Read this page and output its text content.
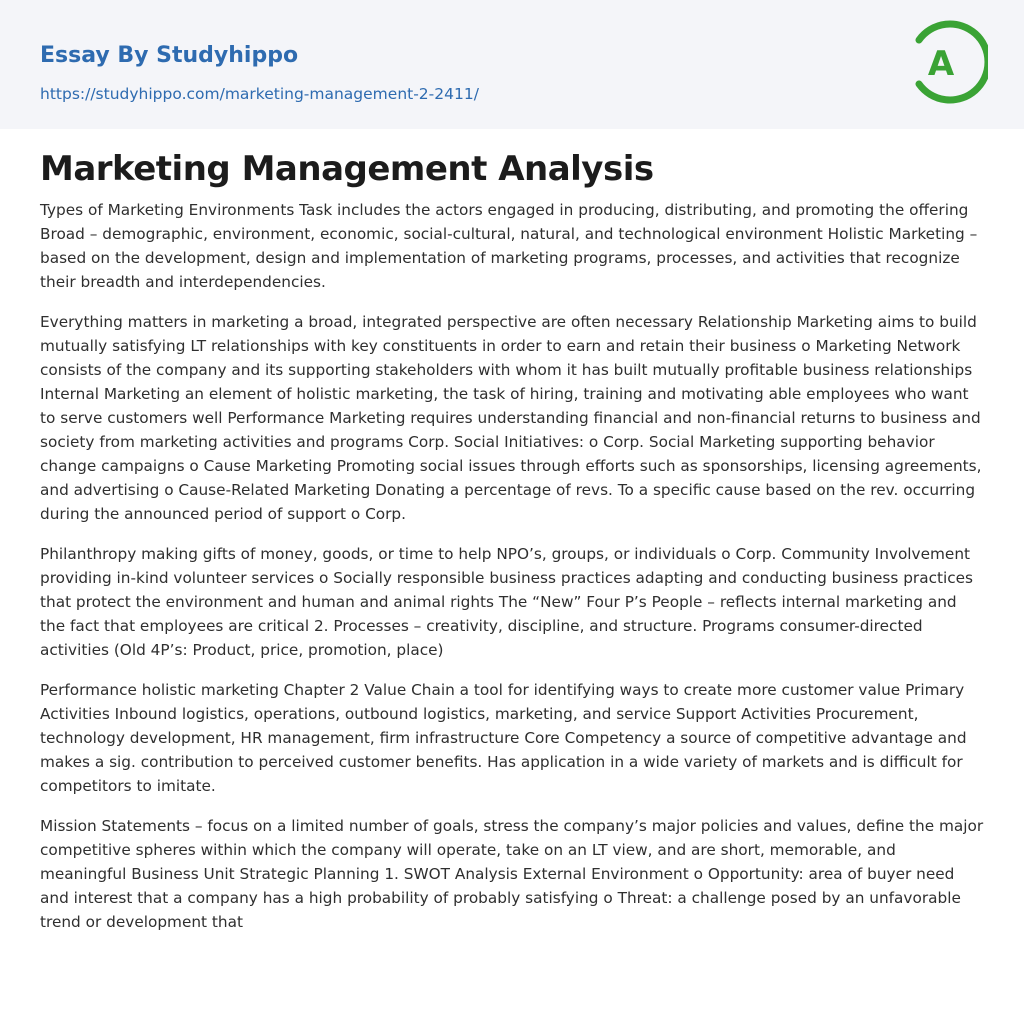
Essay By Studyhippo
https://studyhippo.com/marketing-management-2-2411/
A
Marketing Management Analysis

Types of Marketing Environments Task includes the actors engaged in producing, distributing, and promoting the offering Broad – demographic, environment, economic, social-cultural, natural, and technological environment Holistic Marketing – based on the development, design and implementation of marketing programs, processes, and activities that recognize their breadth and interdependencies.

Everything matters in marketing a broad, integrated perspective are often necessary Relationship Marketing aims to build mutually satisfying LT relationships with key constituents in order to earn and retain their business o Marketing Network consists of the company and its supporting stakeholders with whom it has built mutually profitable business relationships Internal Marketing an element of holistic marketing, the task of hiring, training and motivating able employees who want to serve customers well Performance Marketing requires understanding financial and non-financial returns to business and society from marketing activities and programs Corp. Social Initiatives: o Corp. Social Marketing supporting behavior change campaigns o Cause Marketing Promoting social issues through efforts such as sponsorships, licensing agreements, and advertising o Cause-Related Marketing Donating a percentage of revs. To a specific cause based on the rev. occurring during the announced period of support o Corp.

Philanthropy making gifts of money, goods, or time to help NPO’s, groups, or individuals o Corp. Community Involvement providing in-kind volunteer services o Socially responsible business practices adapting and conducting business practices that protect the environment and human and animal rights The “New” Four P’s People – reflects internal marketing and the fact that employees are critical 2. Processes – creativity, discipline, and structure. Programs consumer-directed activities (Old 4P’s: Product, price, promotion, place)

Performance holistic marketing Chapter 2 Value Chain a tool for identifying ways to create more customer value Primary Activities Inbound logistics, operations, outbound logistics, marketing, and service Support Activities Procurement, technology development, HR management, firm infrastructure Core Competency a source of competitive advantage and makes a sig. contribution to perceived customer benefits. Has application in a wide variety of markets and is difficult for competitors to imitate.

Mission Statements – focus on a limited number of goals, stress the company’s major policies and values, define the major competitive spheres within which the company will operate, take on an LT view, and are short, memorable, and meaningful Business Unit Strategic Planning 1. SWOT Analysis External Environment o Opportunity: area of buyer need and interest that a company has a high probability of probably satisfying o Threat: a challenge posed by an unfavorable trend or development that
